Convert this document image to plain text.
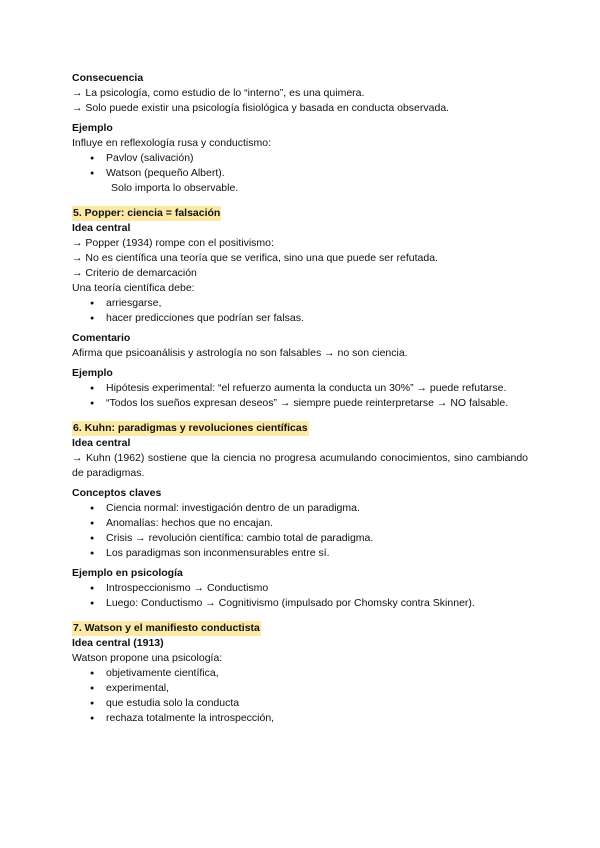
Consecuencia
→ La psicología, como estudio de lo “interno”, es una quimera.
→ Solo puede existir una psicología fisiológica y basada en conducta observada.
Ejemplo
Influye en reflexología rusa y conductismo:
● Pavlov (salivación)
● Watson (pequeño Albert).
Solo importa lo observable.
5. Popper: ciencia = falsación
Idea central
→ Popper (1934) rompe con el positivismo:
→ No es científica una teoría que se verifica, sino una que puede ser refutada.
→ Criterio de demarcación
Una teoría científica debe:
● arriesgarse,
● hacer predicciones que podrían ser falsas.
Comentario
Afirma que psicoanálisis y astrología no son falsables → no son ciencia.
Ejemplo
● Hipótesis experimental: “el refuerzo aumenta la conducta un 30%” → puede refutarse.
● “Todos los sueños expresan deseos” → siempre puede reinterpretarse → NO falsable.
6. Kuhn: paradigmas y revoluciones científicas
Idea central
→ Kuhn (1962) sostiene que la ciencia no progresa acumulando conocimientos, sino cambiando de paradigmas.
Conceptos claves
● Ciencia normal: investigación dentro de un paradigma.
● Anomalías: hechos que no encajan.
● Crisis → revolución científica: cambio total de paradigma.
● Los paradigmas son inconmensurables entre sí.
Ejemplo en psicología
● Introspeccionismo → Conductismo
● Luego: Conductismo → Cognitivismo (impulsado por Chomsky contra Skinner).
7. Watson y el manifiesto conductista
Idea central (1913)
Watson propone una psicología:
● objetivamente científica,
● experimental,
● que estudia solo la conducta
● rechaza totalmente la introspección,
